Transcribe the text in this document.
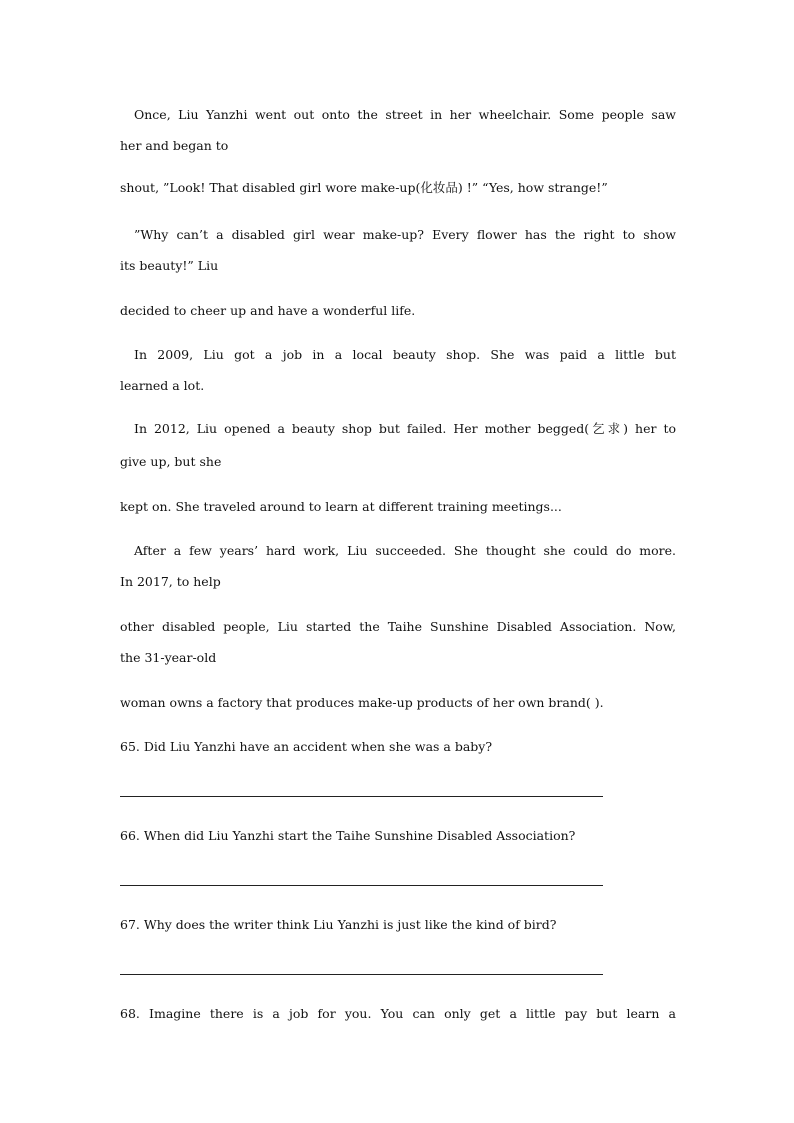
Once, Liu Yanzhi went out onto the street in her wheelchair. Some people saw

her and began to

shout, ”Look! That disabled girl wore make-up(化妆品) !” “Yes, how strange!”

”Why can’t a disabled girl wear make-up? Every flower has the right to show

its beauty!” Liu

decided to cheer up and have a wonderful life.

In 2009, Liu got a job in a local beauty shop. She was paid a little but

learned a lot.

In 2012, Liu opened a beauty shop but failed. Her mother begged(乞求) her to

give up, but she

kept on. She traveled around to learn at different training meetings...

After a few years’ hard work, Liu succeeded. She thought she could do more.

In 2017, to help

other disabled people, Liu started the Taihe Sunshine Disabled Association. Now,

the 31-year-old

woman owns a factory that produces make-up products of her own brand( ).

65. Did Liu Yanzhi have an accident when she was a baby?

66. When did Liu Yanzhi start the Taihe Sunshine Disabled Association?

67. Why does the writer think Liu Yanzhi is just like the kind of bird?

68. Imagine there is a job for you. You can only get a little pay but learn a
